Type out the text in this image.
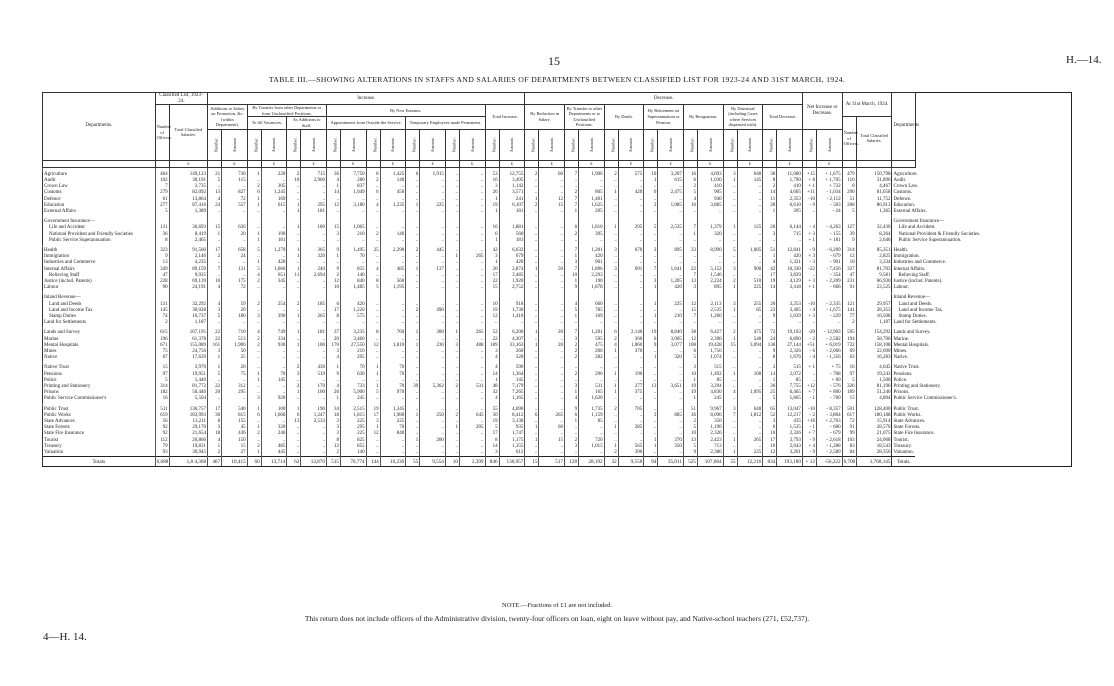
15	H.—14.
TABLE III.—SHOWING ALTERATIONS IN STAFFS AND SALARIES OF DEPARTMENTS BETWEEN CLASSIFIED LIST FOR 1923-24 AND 31ST MARCH, 1924.
Departments.	Classified List, 1923–24.		Increase.																Decrease.														Net Increase or Decrease.		At 31st March, 1924.		Departments
	Number of Officers.	Total Classified Salaries.	Additions to Salary on Promotion, &c. (within Department).		By Transfer from other Departments or from Unclassified Positions.				By New Entrants.								Total Increase.		By Reduction in Salary.		By Transfer to other Departments or to Unclassified Positions.		By Death.		By Retirement on Superannuation or Pension.		By Resignation.		By Dismissal (including Cases where Services dispensed with).		Total Decrease.						
					To fill Vacancies.		As Additions to Staff.		Appointments from Outside the Service.				Temporary Employees made Permanent.																						Number of Officers.	Total Classified Salaries.	
			Number.	Amount.	Number.	Amount.	Number.	Amount.	Number.	Amount.	Number.	Amount.	Number.	Amount.	Number.	Amount.	Number.	Amount.	Number.	Amount.	Number.	Amount.	Number.	Amount.	Number.	Amount.	Number.	Amount.	Number.	Amount.	Number.	Amount.	Number.	Amount.			
		£		£		£		£		£		£		£		£		£		£		£		£		£		£		£		£		£			

Agriculture	464	149,123	21	730	1	220	2	715	36	7,750	8	1,425	6	1,915	..	..	53	12,755	2	60	7	1,906	2	575	10	3,207	16	4,693	3	640	38	11,080	+15	+ 1,675	479	150,798	Agriculture.
Audit	102	30,191	5	115	..	..	10	2,960	4	280	2	140	..	..	..	..	16	3,495	..	..	..	..	..	..	1	615	6	1,030	1	145	8	1,790	+ 8	+ 1,705	110	31,896	Audit.
Crown Law	7	3,735	..	..	2	305	..	..	1	837	..	..	..	..	..	..	3	1,142	..	..	..	..	..	..	..	..	2	410	..	..	2	410	+ 1	+ 732	8	4,467	Crown Law.
Customs	279	82,092	13	827	6	1,245	..	..	14	1,049	6	450	..	..	..	..	26	3,571	..	..	2	805	1	420	6	2,475	5	905	..	..	14	4,605	+11	- 1,034	290	81,058	Customs.
Defence	61	13,864	4	72	1	169	..	..	..	..	..	..	..	..	..	..	1	241	1	12	7	1,401	..	..	..	..	4	940	..	..	11	2,353	-10	- 2,112	51	11,752	Defence.
Education	277	87,416	24	557	1	615	1	295	12	3,180	4	1,235	1	225	..	..	19	6,107	2	15	7	1,625	..	..	3	1,085	16	3,885	..	..	28	6,610	- 9	- 503	268	86,913	Education.
External Affairs	5	1,389	..	..	..	..	1	181	..	..	..	..	..	..	..	..	1	181	..	..	1	205	..	..	..	..	..	..	..	..	1	205	..	- 24	5	1,365	External Affairs.

Government Insurance—																																					Government Insurance—
Life and Accident	131	36,693	15	636	..	..	1	180	15	1,065	..	..	..	..	..	..	16	1,881	..	..	6	1,810	1	295	5	2,535	7	1,379	1	125	20	6,144	- 4	- 4,263	127	32,430	Life and Accident.
National Provident and Friendly Societies	36	8,419	1	20	1	190	..	..	3	210	2	140	..	..	..	..	6	560	..	..	2	395	..	..	..	..	1	320	..	..	3	715	+ 3	- 155	39	8,264	National Provident & Friendly Societies.
Public Service Superannuation	8	2,465	..	..	1	181	..	..	..	..	..	..	..	..	..	..	1	181	..	..	..	..	..	..	..	..	..	..	..	..	..	..	+ 1	+ 181	9	2,646	Public Service Superannuation.

Health	323	91,560	17	658	5	1,279	1	365	9	1,495	25	2,390	2	445	..	..	42	6,632	..	..	7	1,201	3	670	3	895	33	8,990	5	1,085	51	12,841	- 9	- 6,209	314	85,351	Health.
Immigration	9	2,146	2	24	..	..	1	320	1	70	..	..	..	..	1	265	3	679	..	..	1	420	..	..	..	..	..	..	..	..	1	420	+ 3	- 679	12	2,825	Immigration.
Industries and Commerce	13	4,235	..	..	1	420	..	..	..	..	..	..	..	..	..	..	1	420	..	..	3	901	..	..	..	..	..	..	..	..	4	1,321	- 3	- 901	10	3,334	Industries and Commerce.
Internal Affairs	349	89,159	7	131	5	1,066	1	240	9	835	4	485	1	137	..	..	20	2,874	1	50	7	1,896	3	691	7	1,641	22	5,152	3	900	42	10,330	-22	- 7,456	327	81,703	Internal Affairs.
Relieving Staff	47	9,935	..	..	4	651	11	2,694	2	140	..	..	..	..	..	..	17	3,485	..	..	10	2,293	..	..	..	..	7	1,546	..	..	17	3,839	..	- 354	47	9,581	Relieving Staff.
Justice (includ. Patents)	228	69,139	10	175	2	345	..	..	12	840	8	560	..	..	..	..	22	1,920	..	..	1	190	..	..	3	1,205	13	2,224	2	510	19	4,129	+ 3	- 2,209	231	66,930	Justice (includ. Patents).
Labour	90	24,191	4	72	..	..	..	..	10	1,485	5	1,195	..	..	..	..	15	2,752	..	..	9	1,878	..	..	1	420	3	895	1	225	14	3,418	+ 1	- 666	91	23,525	Labour.

Inland Revenue—																																					Inland Revenue—
Land and Deeds	131	32,292	4	59	2	254	2	185	6	420	..	..	..	..	..	..	10	918	..	..	4	660	..	..	1	225	12	2,113	3	255	20	3,253	-10	- 2,335	121	29,957	Land and Deeds.
Land and Income Tax	145	30,028	3	20	..	..	..	..	17	1,220	..	..	2	490	..	..	19	1,730	..	..	5	785	..	..	..	..	15	2,535	1	85	23	3,405	- 4	- 1,675	141	28,353	Land and Income Tax.
Stamp Duties	74	16,737	5	180	3	390	1	265	8	575	..	..	..	..	..	..	12	1,410	..	..	1	169	..	..	1	210	7	1,260	..	..	9	1,639	+ 3	- 229	77	16,508	Stamp Duties.
Land for Settlements	2	1,187	..	..	..	..	..	..	..	..	..	..	..	..	..	..	..	..	..	..	..	..	..	..	..	..	..	..	..	..	..	..	..	..	2	1,187	Land for Settlements.

Lands and Survey	615	167,195	22	710	4	749	1	181	37	3,235	8	760	1	300	1	265	52	6,200	1	20	7	1,201	6	2,140	19	8,840	38	6,427	2	475	72	19,103	-20	- 12,903	595	154,292	Lands and Survey.
Marine	196	61,378	22	513	2	334	..	..	20	3,460	..	..	..	..	..	..	22	4,307	..	..	3	595	2	360	6	3,005	12	2,390	1	540	24	6,890	- 2	- 2,582	194	58,796	Marine.
Mental Hospitals	671	155,089	161	1,906	2	930	1	100	170	27,550	12	1,810	1	230	3	488	189	33,163	1	20	2	475	4	1,060	9	3,077	108	19,428	15	3,094	138	27,144	+51	+ 6,019	722	158,108	Mental Hospitals.
Mines	75	24,756	3	50	..	..	..	..	3	210	..	..	..	..	..	..	3	260	..	..	2	200	1	370	..	..	6	1,756	..	..	9	2,326	- 6	- 2,066	69	22,690	Mines.
Native	67	17,639	1	25	..	..	..	..	4	295	..	..	..	..	..	..	4	320	..	..	2	282	..	..	1	320	5	1,074	..	..	8	1,676	- 4	- 1,356	63	16,283	Native.

Native Trust	15	3,970	1	20	..	..	2	430	1	70	1	70	..	..	..	..	4	590	..	..	..	..	..	..	..	..	3	515	..	..	3	515	+ 1	+ 75	16	4,045	Native Trust.
Pensions	97	19,951	5	75	1	70	3	519	9	630	1	70	..	..	..	..	14	1,364	..	..	2	290	1	190	..	..	10	1,492	1	100	14	2,072	..	- 708	97	19,243	Pensions.
Police	5	1,440	..	..	1	145	..	..	..	..	..	..	..	..	..	..	1	145	..	..	..	..	..	..	..	..	1	85	..	..	1	85	..	+ 60	5	1,500	Police.
Printing and Stationery	314	81,772	22	312	..	..	2	170	4	733	1	70	39	5,362	2	531	48	7,179	..	..	3	531	1	277	13	3,651	19	3,294	..	..	36	7,755	+12	- 576	326	81,196	Printing and Stationery.
Prisons	182	50,446	20	295	..	..	1	100	26	5,900	5	970	..	..	..	..	32	7,265	..	..	1	165	1	375	..	..	19	4,830	4	1,095	25	6,465	+ 7	+ 800	189	51,246	Prisons.
Public Service Commissioner's	16	5,504	..	..	3	920	..	..	1	245	..	..	..	..	..	..	4	1,165	..	..	4	1,620	..	..	..	..	1	245	..	..	5	1,865	- 1	- 700	15	4,804	Public Service Commissioner's.

Public Trust	511	136,757	17	540	1	100	1	190	34	2,515	19	1,345	..	..	..	..	55	4,690	..	..	9	1,735	2	705	..	..	51	9,967	3	640	65	13,047	-10	- 8,357	501	128,400	Public Trust.
Public Works	619	183,993	30	815	6	1,660	6	1,247	18	1,815	17	1,980	1	250	2	645	50	8,412	6	265	6	1,159	..	..	3	885	36	8,096	7	1,812	52	12,217	- 2	- 3,804	617	180,188	Public Works.
State Advances	56	13,211	8	155	..	..	13	2,533	3	225	3	225	..	..	..	..	19	3,138	..	..	1	85	..	..	..	..	2	350	..	..	3	435	+16	+ 2,703	72	15,914	State Advances.
State Forests	92	29,170	3	45	1	320	..	..	3	295	1	70	..	..	1	205	5	935	1	60	..	..	1	285	..	..	5	1,190	..	..	6	1,535	- 1	- 600	91	28,570	State Forests.
State Fire Insurance	92	21,654	18	436	2	246	..	..	3	225	12	840	..	..	..	..	17	1,747	..	..	..	..	..	..	..	..	10	2,326	..	..	10	2,326	+ 7	- 679	99	21,075	State Fire Insurance.
Tourist	112	26,866	4	150	..	..	..	..	8	825	..	..	1	200	..	..	8	1,175	1	15	2	720	..	..	1	370	13	2,423	1	265	17	3,793	- 9	- 2,618	103	24,068	Tourist.
Treasury	79	19,831	1	15	2	485	..	..	12	855	..	..	..	..	..	..	14	1,355	..	..	3	1,015	1	565	1	350	5	713	..	..	10	2,643	+ 4	- 1,288	83	18,543	Treasury.
Valuation	93	30,945	2	27	1	445	..	..	2	140	..	..	..	..	..	..	3	612	..	..	..	..	2	390	..	..	9	2,386	1	225	12	3,201	- 9	- 2,589	84	28,356	Valuation.
Totals	6,688	1,8 4,368	467	10,415	60	13,714	62	13,870	515	70,774	144	16,230	55	9,554	10	2,399	846	136,957	15	517	128	28,192	32	9,558	94	35,011	525	107,684	55	12,216	834	193,180	+ 12	-56,222	6,700	1,768,145	Totals.
NOTE.—Fractions of £1 are not included.
This return does not include officers of the Administrative division, twenty-four officers on loan, eight on leave without pay, and Native-school teachers (271, £52,737).
4—H. 14.
